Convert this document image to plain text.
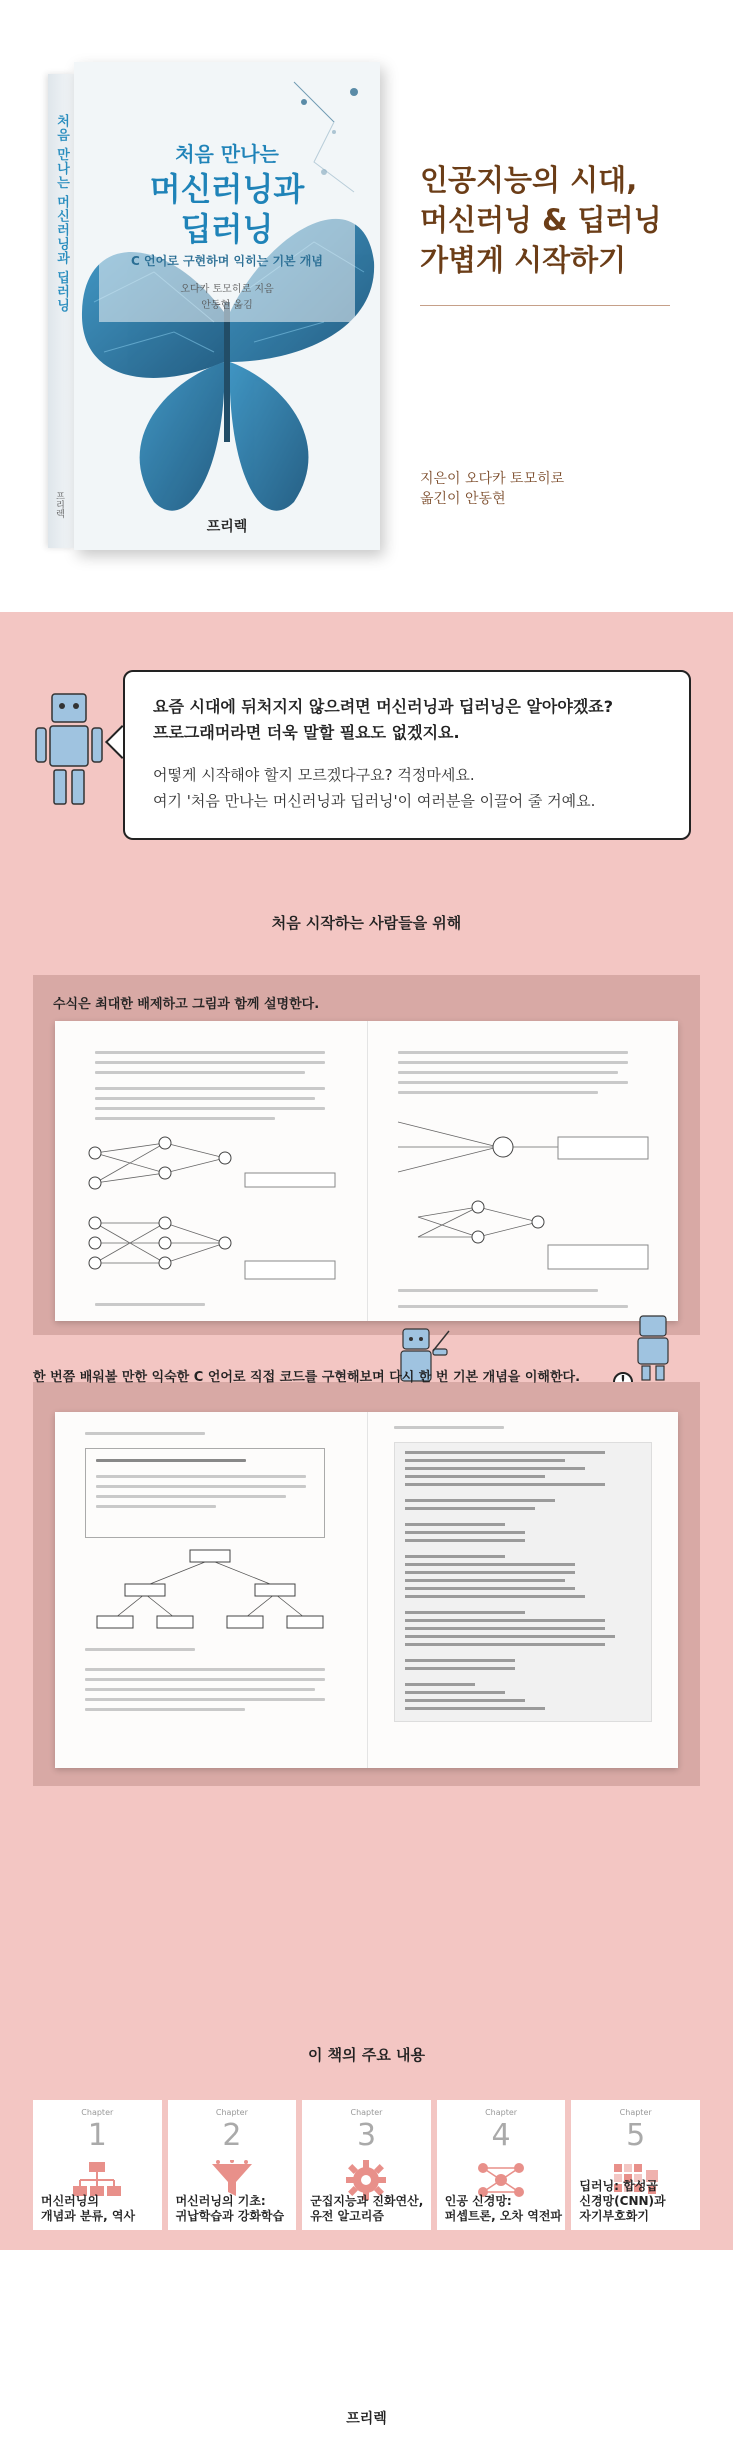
처음 만나는 머신러닝과 딥러닝
프리렉
처음 만나는
머신러닝과
딥러닝
C 언어로 구현하며 익히는 기본 개념
오다카 토모히로 지음
안동현 옮김
프리렉
인공지능의 시대,
머신러닝 & 딥러닝
가볍게 시작하기
지은이 오다카 토모히로
옮긴이 안동현
요즘 시대에 뒤처지지 않으려면 머신러닝과 딥러닝은 알아야겠죠?
프로그래머라면 더욱 말할 필요도 없겠지요.
어떻게 시작해야 할지 모르겠다구요? 걱정마세요.
여기 '처음 만나는 머신러닝과 딥러닝'이 여러분을 이끌어 줄 거예요.
처음 시작하는 사람들을 위해
수식은 최대한 배제하고 그림과 함께 설명한다.
한 번쯤 배워볼 만한 익숙한 C 언어로 직접 코드를 구현해보며 다시 한 번 기본 개념을 이해한다.
이 책의 주요 내용
Chapter
1
머신러닝의
개념과 분류, 역사
Chapter
2
머신러닝의 기초:
귀납학습과 강화학습
Chapter
3
군집지능과 진화연산,
유전 알고리즘
Chapter
4
인공 신경망:
퍼셉트론, 오차 역전파
Chapter
5
딥러닝: 합성곱
신경망(CNN)과
자기부호화기
프리렉
